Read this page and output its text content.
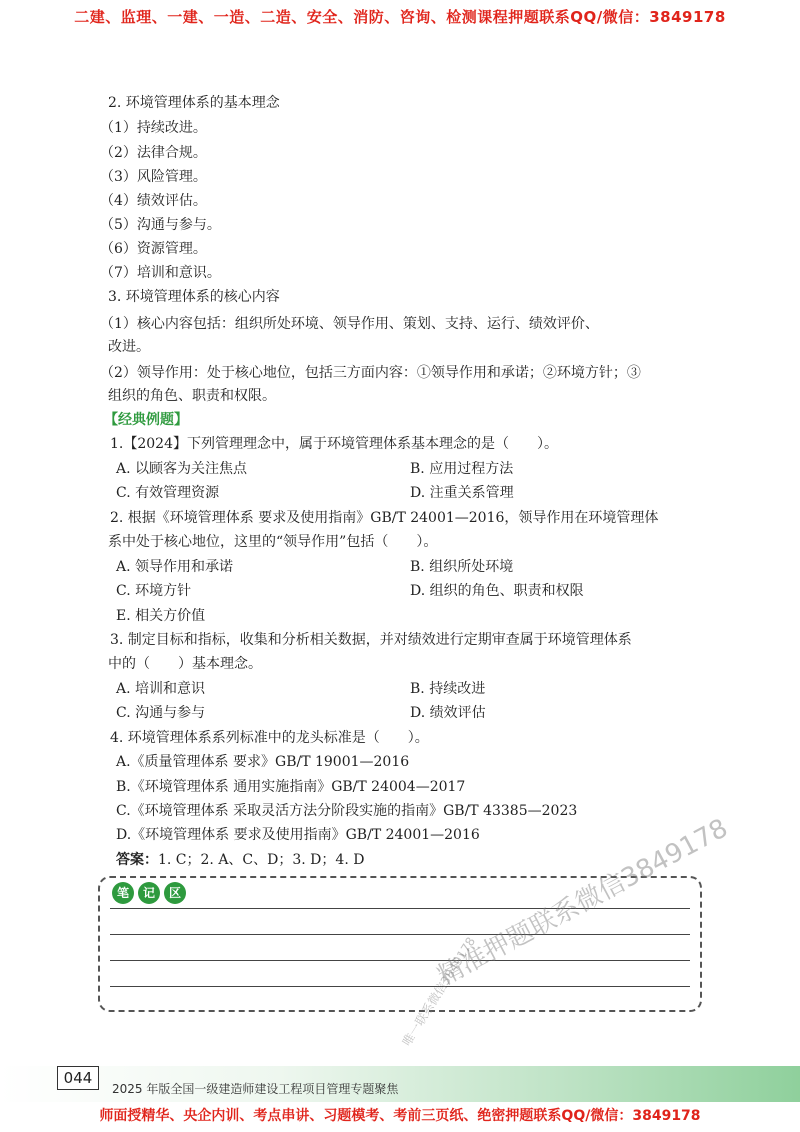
二建、监理、一建、一造、二造、安全、消防、咨询、检测课程押题联系QQ/微信：3849178
2. 环境管理体系的基本理念
（1）持续改进。
（2）法律合规。
（3）风险管理。
（4）绩效评估。
（5）沟通与参与。
（6）资源管理。
（7）培训和意识。
3. 环境管理体系的核心内容
（1）核心内容包括：组织所处环境、领导作用、策划、支持、运行、绩效评价、
改进。
（2）领导作用：处于核心地位，包括三方面内容：①领导作用和承诺；②环境方针；③
组织的角色、职责和权限。
【经典例题】
1.【2024】下列管理理念中，属于环境管理体系基本理念的是（　　）。
A. 以顾客为关注焦点	B. 应用过程方法
C. 有效管理资源	D. 注重关系管理
2. 根据《环境管理体系 要求及使用指南》GB/T 24001—2016，领导作用在环境管理体
系中处于核心地位，这里的“领导作用”包括（　　）。
A. 领导作用和承诺	B. 组织所处环境
C. 环境方针	D. 组织的角色、职责和权限
E. 相关方价值
3. 制定目标和指标，收集和分析相关数据，并对绩效进行定期审查属于环境管理体系
中的（　　）基本理念。
A. 培训和意识	B. 持续改进
C. 沟通与参与	D. 绩效评估
4. 环境管理体系系列标准中的龙头标准是（　　）。
A.《质量管理体系 要求》GB/T 19001—2016
B.《环境管理体系 通用实施指南》GB/T 24004—2017
C.《环境管理体系 采取灵活方法分阶段实施的指南》GB/T 43385—2023
D.《环境管理体系 要求及使用指南》GB/T 24001—2016
答案：1. C；2. A、C、D；3. D；4. D
笔	记	区	精准押题联系微信3849178
唯一联系微信3849178
044
2025 年版全国一级建造师建设工程项目管理专题聚焦
师面授精华、央企内训、考点串讲、习题模考、考前三页纸、绝密押题联系QQ/微信：3849178
